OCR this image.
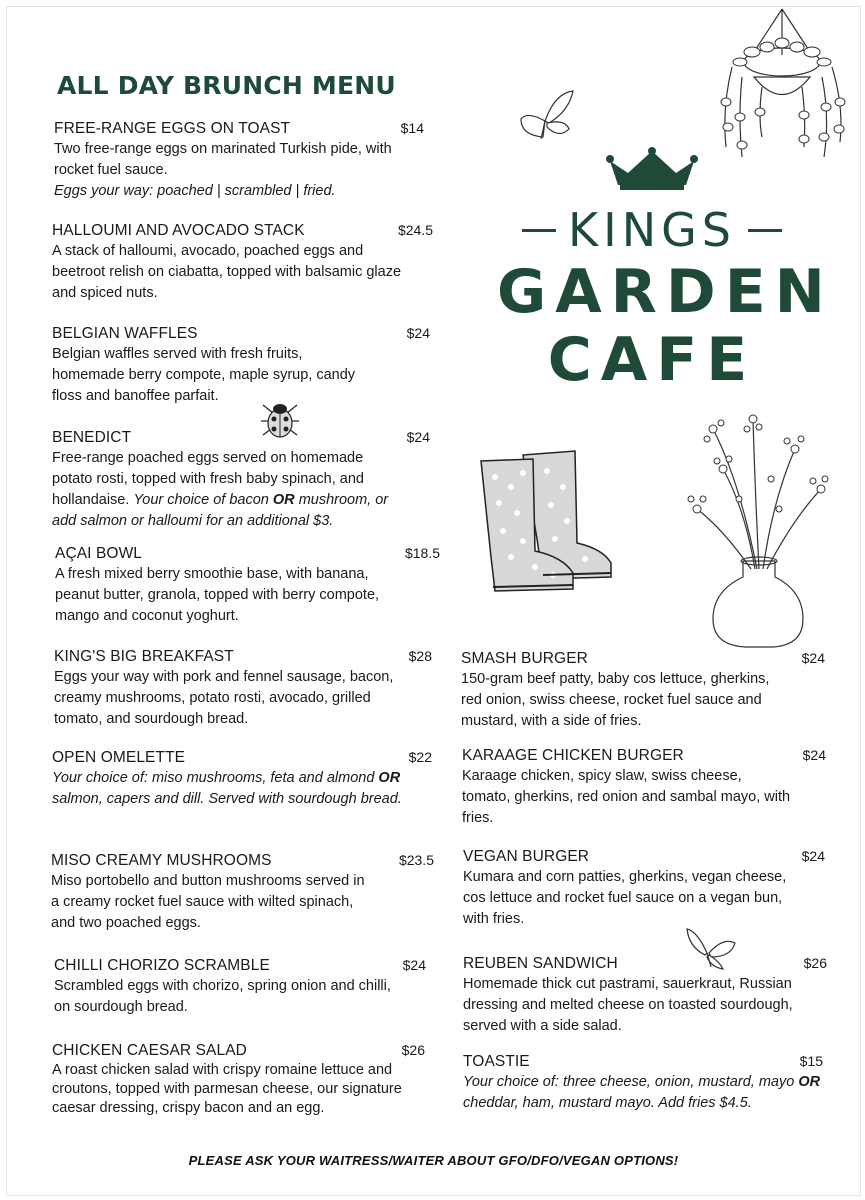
ALL DAY BRUNCH MENU
FREE-RANGE EGGS ON TOAST	$14
Two free-range eggs on marinated Turkish pide, with rocket fuel sauce.
Eggs your way: poached | scrambled | fried.
HALLOUMI AND AVOCADO STACK	$24.5
A stack of halloumi, avocado, poached eggs and beetroot relish on ciabatta, topped with balsamic glaze and spiced nuts.
BELGIAN WAFFLES	$24
Belgian waffles served with fresh fruits, homemade berry compote, maple syrup, candy floss and banoffee parfait.
BENEDICT	$24
Free-range poached eggs served on homemade potato rosti, topped with fresh baby spinach, and hollandaise. Your choice of bacon OR mushroom, or add salmon or halloumi for an additional $3.
AÇAI BOWL	$18.5
A fresh mixed berry smoothie base, with banana, peanut butter, granola, topped with berry compote, mango and coconut yoghurt.
KING'S BIG BREAKFAST	$28
Eggs your way with pork and fennel sausage, bacon, creamy mushrooms, potato rosti, avocado, grilled tomato, and sourdough bread.
OPEN OMELETTE	$22
Your choice of: miso mushrooms, feta and almond OR salmon, capers and dill. Served with sourdough bread.
MISO CREAMY MUSHROOMS	$23.5
Miso portobello and button mushrooms served in a creamy rocket fuel sauce with wilted spinach, and two poached eggs.
CHILLI CHORIZO SCRAMBLE	$24
Scrambled eggs with chorizo, spring onion and chilli, on sourdough bread.
CHICKEN CAESAR SALAD	$26
A roast chicken salad with crispy romaine lettuce and croutons, topped with parmesan cheese, our signature caesar dressing, crispy bacon and an egg.
SMASH BURGER	$24
150-gram beef patty, baby cos lettuce, gherkins, red onion, swiss cheese, rocket fuel sauce and mustard, with a side of fries.
KARAAGE CHICKEN BURGER	$24
Karaage chicken, spicy slaw, swiss cheese, tomato, gherkins, red onion and sambal mayo, with fries.
VEGAN BURGER	$24
Kumara and corn patties, gherkins, vegan cheese, cos lettuce and rocket fuel sauce on a vegan bun, with fries.
REUBEN SANDWICH	$26
Homemade thick cut pastrami, sauerkraut, Russian dressing and melted cheese on toasted sourdough, served with a side salad.
TOASTIE	$15
Your choice of: three cheese, onion, mustard, mayo OR cheddar, ham, mustard mayo. Add fries $4.5.
KINGS
GARDEN
CAFE
PLEASE ASK YOUR WAITRESS/WAITER ABOUT GFO/DFO/VEGAN OPTIONS!
